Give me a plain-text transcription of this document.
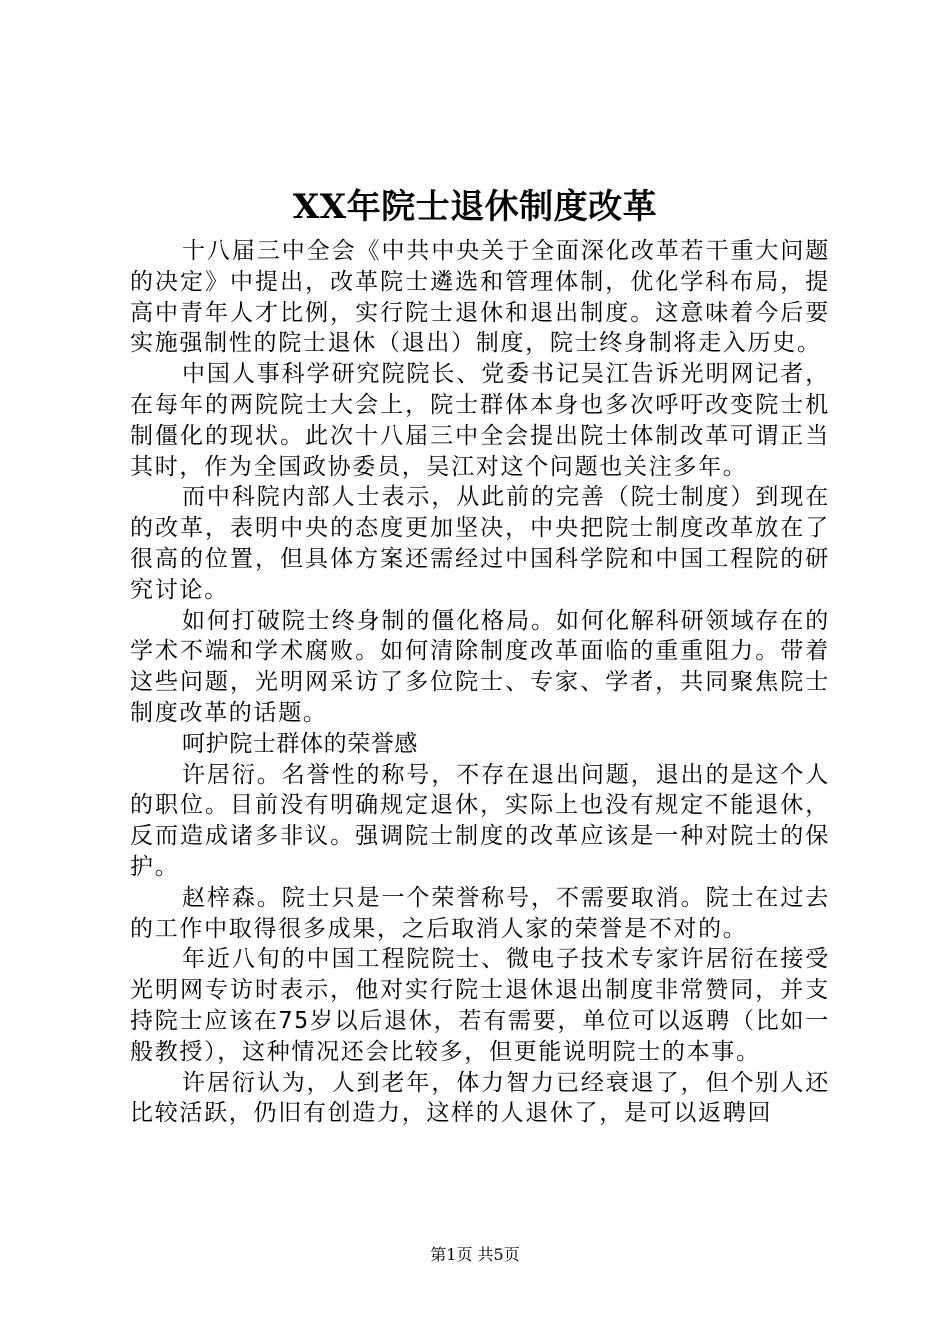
XX年院士退休制度改革

十八届三中全会《中共中央关于全面深化改革若干重大问题的决定》中提出，改革院士遴选和管理体制，优化学科布局，提高中青年人才比例，实行院士退休和退出制度。这意味着今后要实施强制性的院士退休（退出）制度，院士终身制将走入历史。

中国人事科学研究院院长、党委书记吴江告诉光明网记者，在每年的两院院士大会上，院士群体本身也多次呼吁改变院士机制僵化的现状。此次十八届三中全会提出院士体制改革可谓正当其时，作为全国政协委员，吴江对这个问题也关注多年。

而中科院内部人士表示，从此前的完善（院士制度）到现在的改革，表明中央的态度更加坚决，中央把院士制度改革放在了很高的位置，但具体方案还需经过中国科学院和中国工程院的研究讨论。

如何打破院士终身制的僵化格局。如何化解科研领域存在的学术不端和学术腐败。如何清除制度改革面临的重重阻力。带着这些问题，光明网采访了多位院士、专家、学者，共同聚焦院士制度改革的话题。

呵护院士群体的荣誉感

许居衍。名誉性的称号，不存在退出问题，退出的是这个人的职位。目前没有明确规定退休，实际上也没有规定不能退休，反而造成诸多非议。强调院士制度的改革应该是一种对院士的保护。

赵梓森。院士只是一个荣誉称号，不需要取消。院士在过去的工作中取得很多成果，之后取消人家的荣誉是不对的。

年近八旬的中国工程院院士、微电子技术专家许居衍在接受光明网专访时表示，他对实行院士退休退出制度非常赞同，并支持院士应该在75岁以后退休，若有需要，单位可以返聘（比如一般教授），这种情况还会比较多，但更能说明院士的本事。

许居衍认为，人到老年，体力智力已经衰退了，但个别人还比较活跃，仍旧有创造力，这样的人退休了，是可以返聘回

第1页 共5页
